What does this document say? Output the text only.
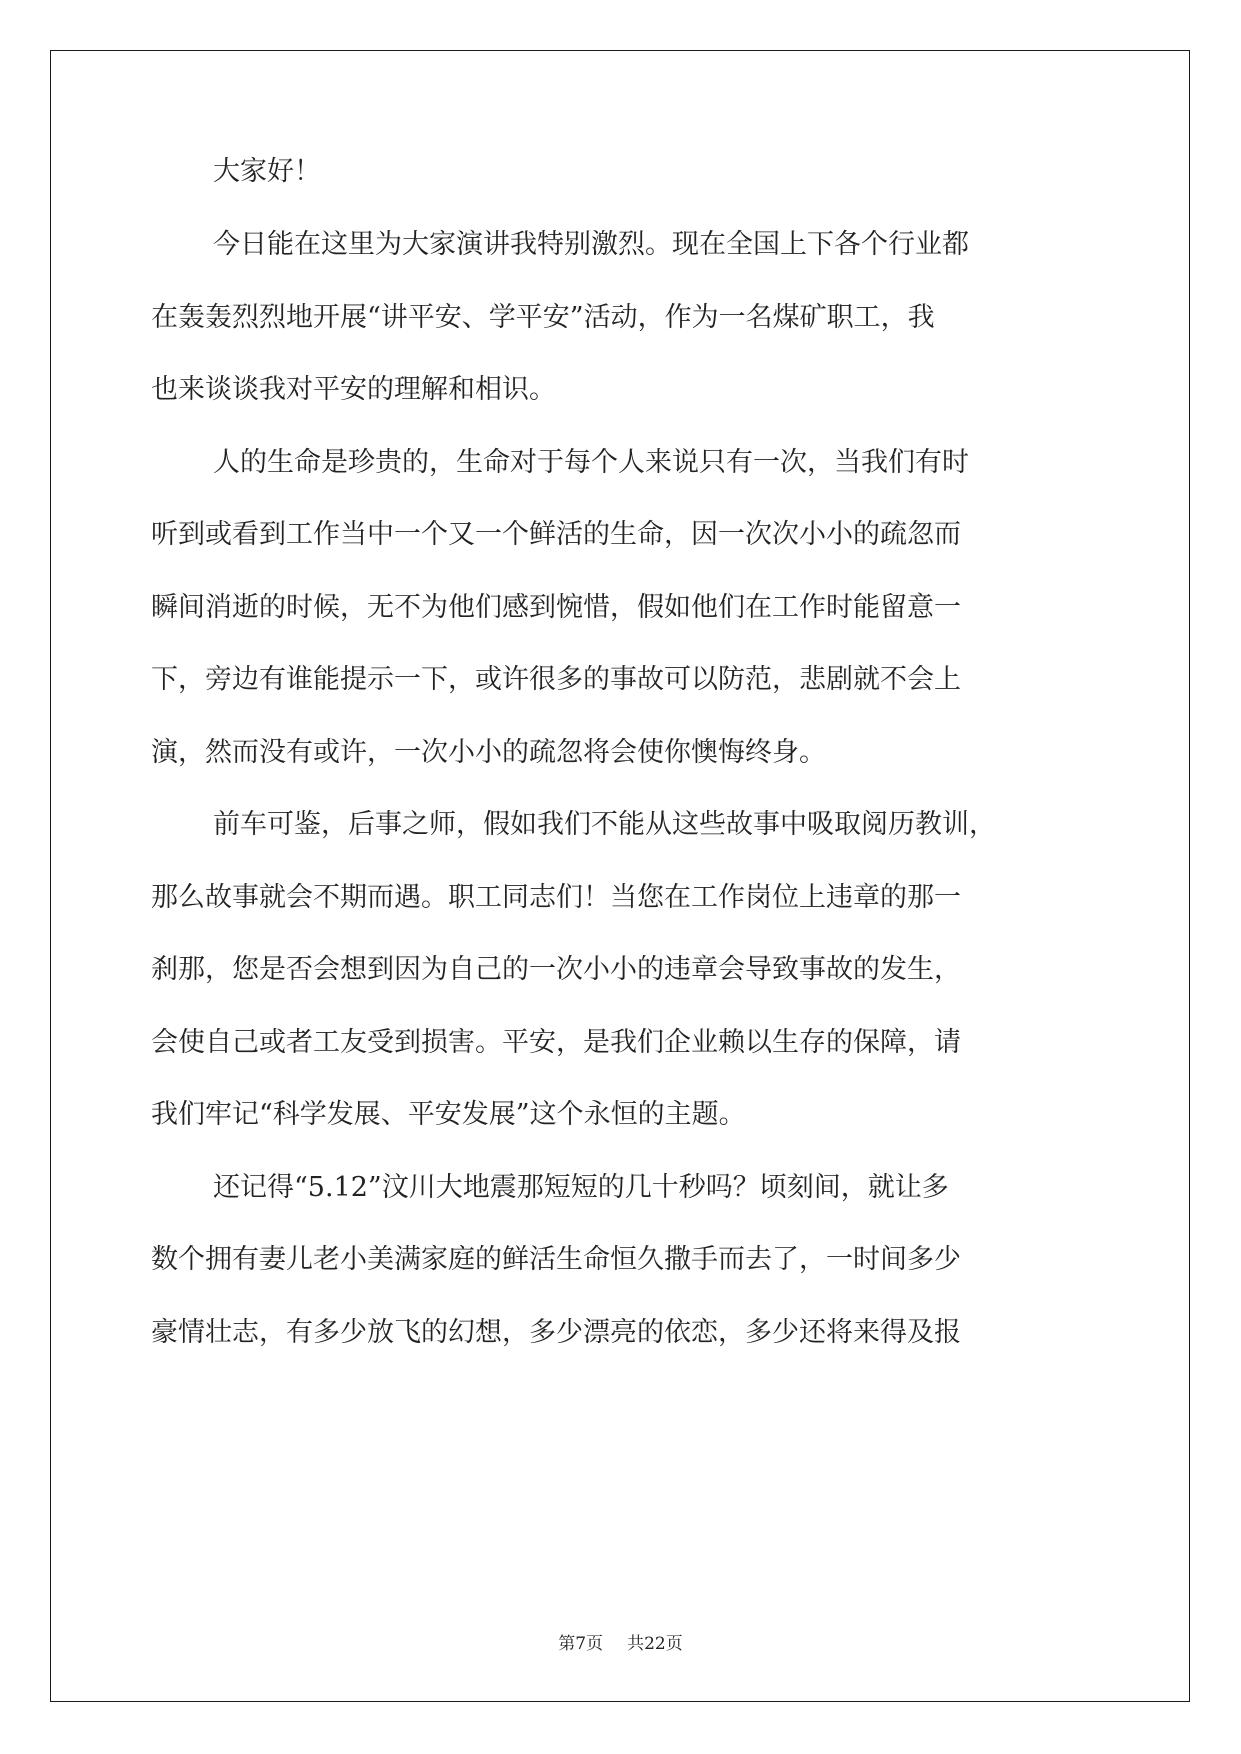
大家好！
今日能在这里为大家演讲我特别激烈。现在全国上下各个行业都
在轰轰烈烈地开展“讲平安、学平安”活动，作为一名煤矿职工，我
也来谈谈我对平安的理解和相识。
人的生命是珍贵的，生命对于每个人来说只有一次，当我们有时
听到或看到工作当中一个又一个鲜活的生命，因一次次小小的疏忽而
瞬间消逝的时候，无不为他们感到惋惜，假如他们在工作时能留意一
下，旁边有谁能提示一下，或许很多的事故可以防范，悲剧就不会上
演，然而没有或许，一次小小的疏忽将会使你懊悔终身。
前车可鉴，后事之师，假如我们不能从这些故事中吸取阅历教训，
那么故事就会不期而遇。职工同志们！当您在工作岗位上违章的那一
刹那，您是否会想到因为自己的一次小小的违章会导致事故的发生，
会使自己或者工友受到损害。平安，是我们企业赖以生存的保障，请
我们牢记“科学发展、平安发展”这个永恒的主题。
还记得“5.12”汶川大地震那短短的几十秒吗？顷刻间，就让多
数个拥有妻儿老小美满家庭的鲜活生命恒久撒手而去了，一时间多少
豪情壮志，有多少放飞的幻想，多少漂亮的依恋，多少还将来得及报
第7页 共22页
